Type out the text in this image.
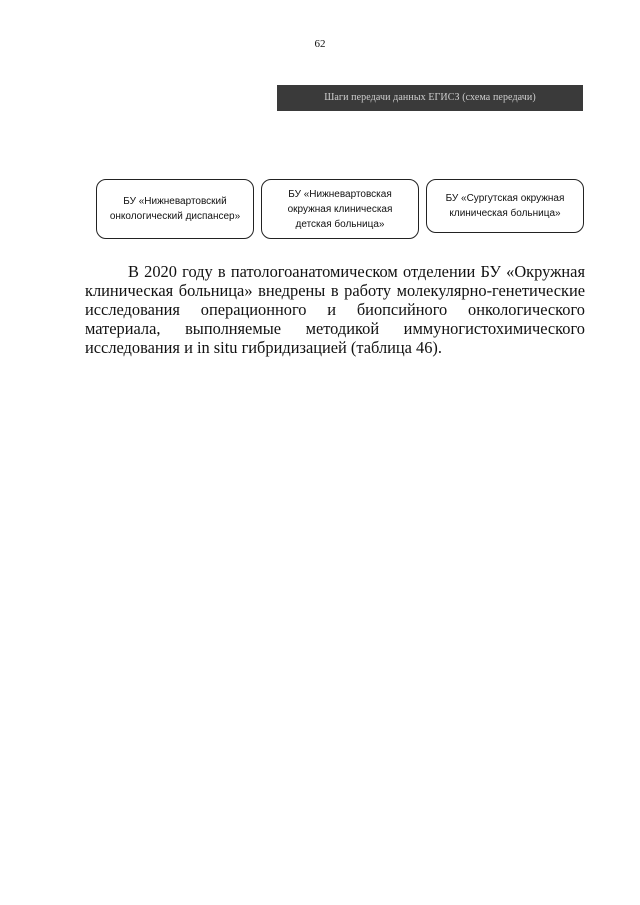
62
Шаги передачи данных ЕГИСЗ (схема передачи)
БУ «Нижневартовский
онкологический диспансер»
БУ «Нижневартовская
окружная клиническая
детская больница»
БУ «Сургутская окружная
клиническая больница»

В 2020 году в патологоанатомическом отделении БУ «Окружная клиническая больница» внедрены в работу молекулярно-генетические исследования операционного и биопсийного онкологического материала, выполняемые методикой иммуногистохимического исследования и in situ гибридизацией (таблица 46).
